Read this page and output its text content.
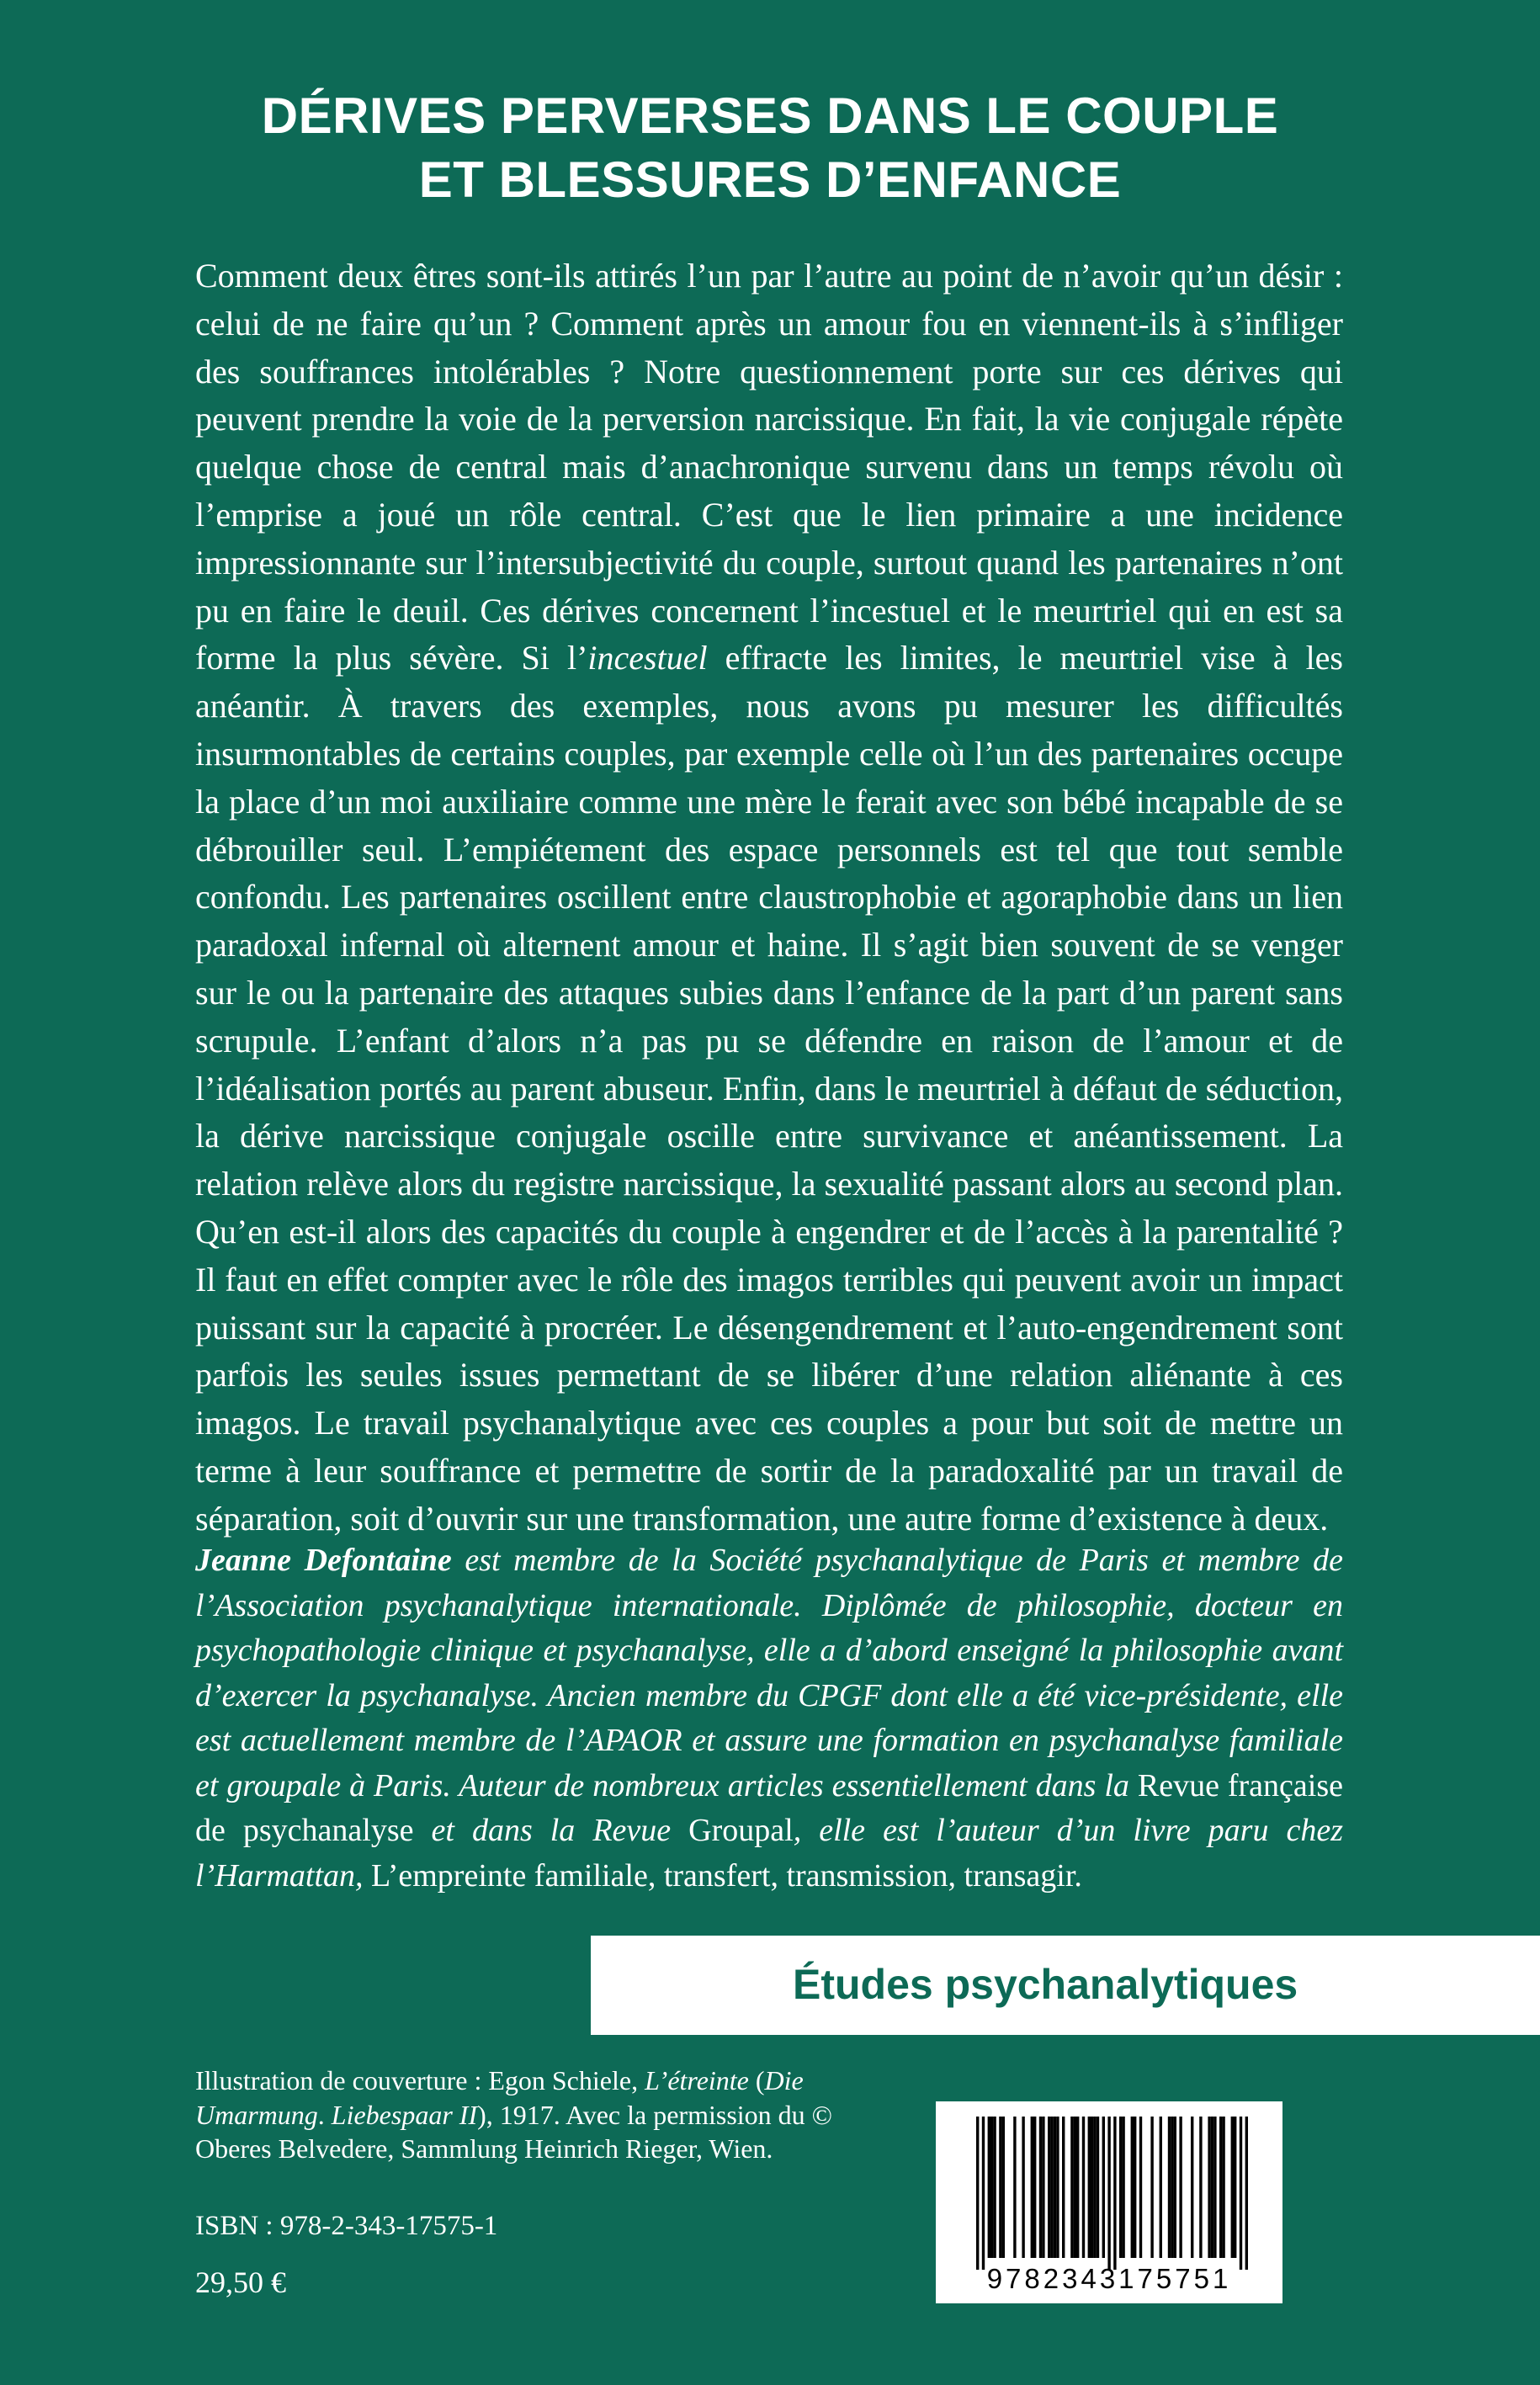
DÉRIVES PERVERSES DANS LE COUPLE
ET BLESSURES D’ENFANCE
Comment deux êtres sont-ils attirés l’un par l’autre au point de n’avoir qu’un désir : celui de ne faire qu’un ? Comment après un amour fou en viennent-ils à s’infliger des souffrances intolérables ? Notre questionnement porte sur ces dérives qui peuvent prendre la voie de la perversion narcissique. En fait, la vie conjugale répète quelque chose de central mais d’anachronique survenu dans un temps révolu où l’emprise a joué un rôle central. C’est que le lien primaire a une incidence impressionnante sur l’intersubjectivité du couple, surtout quand les partenaires n’ont pu en faire le deuil. Ces dérives concernent l’incestuel et le meurtriel qui en est sa forme la plus sévère. Si l’incestuel effracte les limites, le meurtriel vise à les anéantir. À travers des exemples, nous avons pu mesurer les difficultés insurmontables de certains couples, par exemple celle où l’un des partenaires occupe la place d’un moi auxiliaire comme une mère le ferait avec son bébé incapable de se débrouiller seul. L’empiétement des espace personnels est tel que tout semble confondu. Les partenaires oscillent entre claustrophobie et agoraphobie dans un lien paradoxal infernal où alternent amour et haine. Il s’agit bien souvent de se venger sur le ou la partenaire des attaques subies dans l’enfance de la part d’un parent sans scrupule. L’enfant d’alors n’a pas pu se défendre en raison de l’amour et de l’idéalisation portés au parent abuseur. Enfin, dans le meurtriel à défaut de séduction, la dérive narcissique conjugale oscille entre survivance et anéantissement. La relation relève alors du registre narcissique, la sexualité passant alors au second plan. Qu’en est-il alors des capacités du couple à engendrer et de l’accès à la parentalité ? Il faut en effet compter avec le rôle des imagos terribles qui peuvent avoir un impact puissant sur la capacité à procréer. Le désengendrement et l’auto-engendrement sont parfois les seules issues permettant de se libérer d’une relation aliénante à ces imagos. Le travail psychanalytique avec ces couples a pour but soit de mettre un terme à leur souffrance et permettre de sortir de la paradoxalité par un travail de séparation, soit d’ouvrir sur une transformation, une autre forme d’existence à deux.
Jeanne Defontaine est membre de la Société psychanalytique de Paris et membre de l’Association psychanalytique internationale. Diplômée de philosophie, docteur en psychopathologie clinique et psychanalyse, elle a d’abord enseigné la philosophie avant d’exercer la psychanalyse. Ancien membre du CPGF dont elle a été vice-présidente, elle est actuellement membre de l’APAOR et assure une formation en psychanalyse familiale et groupale à Paris. Auteur de nombreux articles essentiellement dans la Revue française de psychanalyse et dans la Revue Groupal, elle est l’auteur d’un livre paru chez l’Harmattan, L’empreinte familiale, transfert, transmission, transagir.
Études psychanalytiques
Illustration de couverture : Egon Schiele, L’étreinte (Die Umarmung. Liebespaar II), 1917. Avec la permission du © Oberes Belvedere, Sammlung Heinrich Rieger, Wien.
ISBN : 978-2-343-17575-1
29,50 €	9782343175751
